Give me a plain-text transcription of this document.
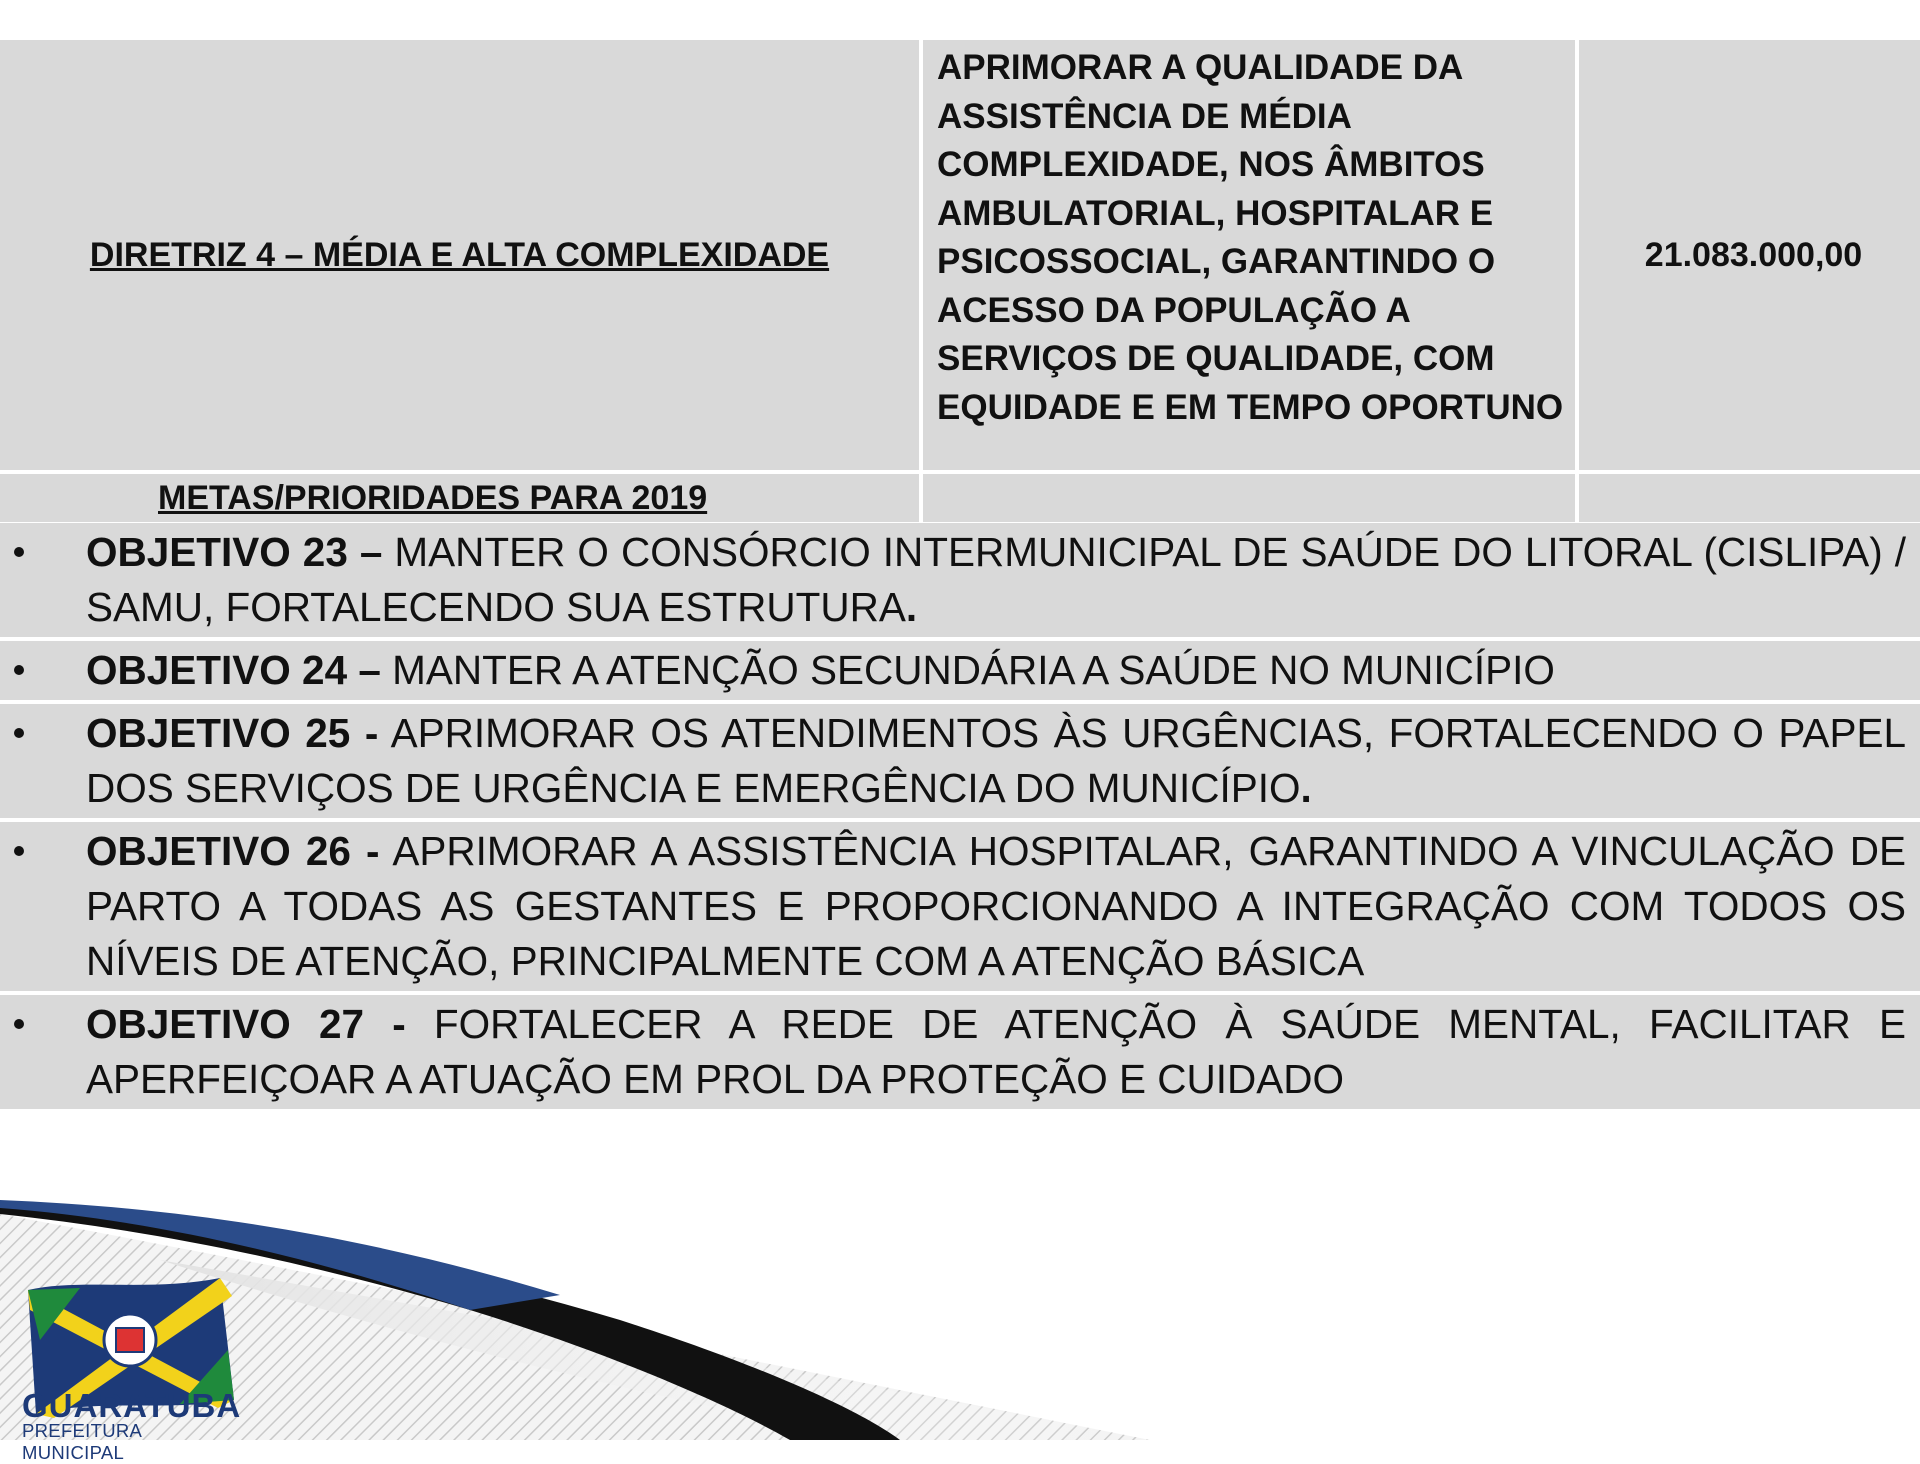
DIRETRIZ 4 – MÉDIA E ALTA COMPLEXIDADE
APRIMORAR A QUALIDADE DA ASSISTÊNCIA DE MÉDIA COMPLEXIDADE, NOS ÂMBITOS AMBULATORIAL, HOSPITALAR E PSICOSSOCIAL, GARANTINDO O ACESSO DA POPULAÇÃO A SERVIÇOS DE QUALIDADE, COM EQUIDADE E EM TEMPO OPORTUNO
21.083.000,00
METAS/PRIORIDADES PARA 2019
OBJETIVO 23 – MANTER O CONSÓRCIO INTERMUNICIPAL DE SAÚDE DO LITORAL (CISLIPA) / SAMU, FORTALECENDO SUA ESTRUTURA.
OBJETIVO 24 – MANTER A ATENÇÃO SECUNDÁRIA A SAÚDE NO MUNICÍPIO
OBJETIVO 25 - APRIMORAR OS ATENDIMENTOS ÀS URGÊNCIAS, FORTALECENDO O PAPEL DOS SERVIÇOS DE URGÊNCIA E EMERGÊNCIA DO MUNICÍPIO.
OBJETIVO 26 - APRIMORAR A ASSISTÊNCIA HOSPITALAR, GARANTINDO A VINCULAÇÃO DE PARTO A TODAS AS GESTANTES E PROPORCIONANDO A INTEGRAÇÃO COM TODOS OS NÍVEIS DE ATENÇÃO, PRINCIPALMENTE COM A ATENÇÃO BÁSICA
OBJETIVO 27 - FORTALECER A REDE DE ATENÇÃO À SAÚDE MENTAL, FACILITAR E APERFEIÇOAR A ATUAÇÃO EM PROL DA PROTEÇÃO E CUIDADO
GUARATUBA
PREFEITURA MUNICIPAL
